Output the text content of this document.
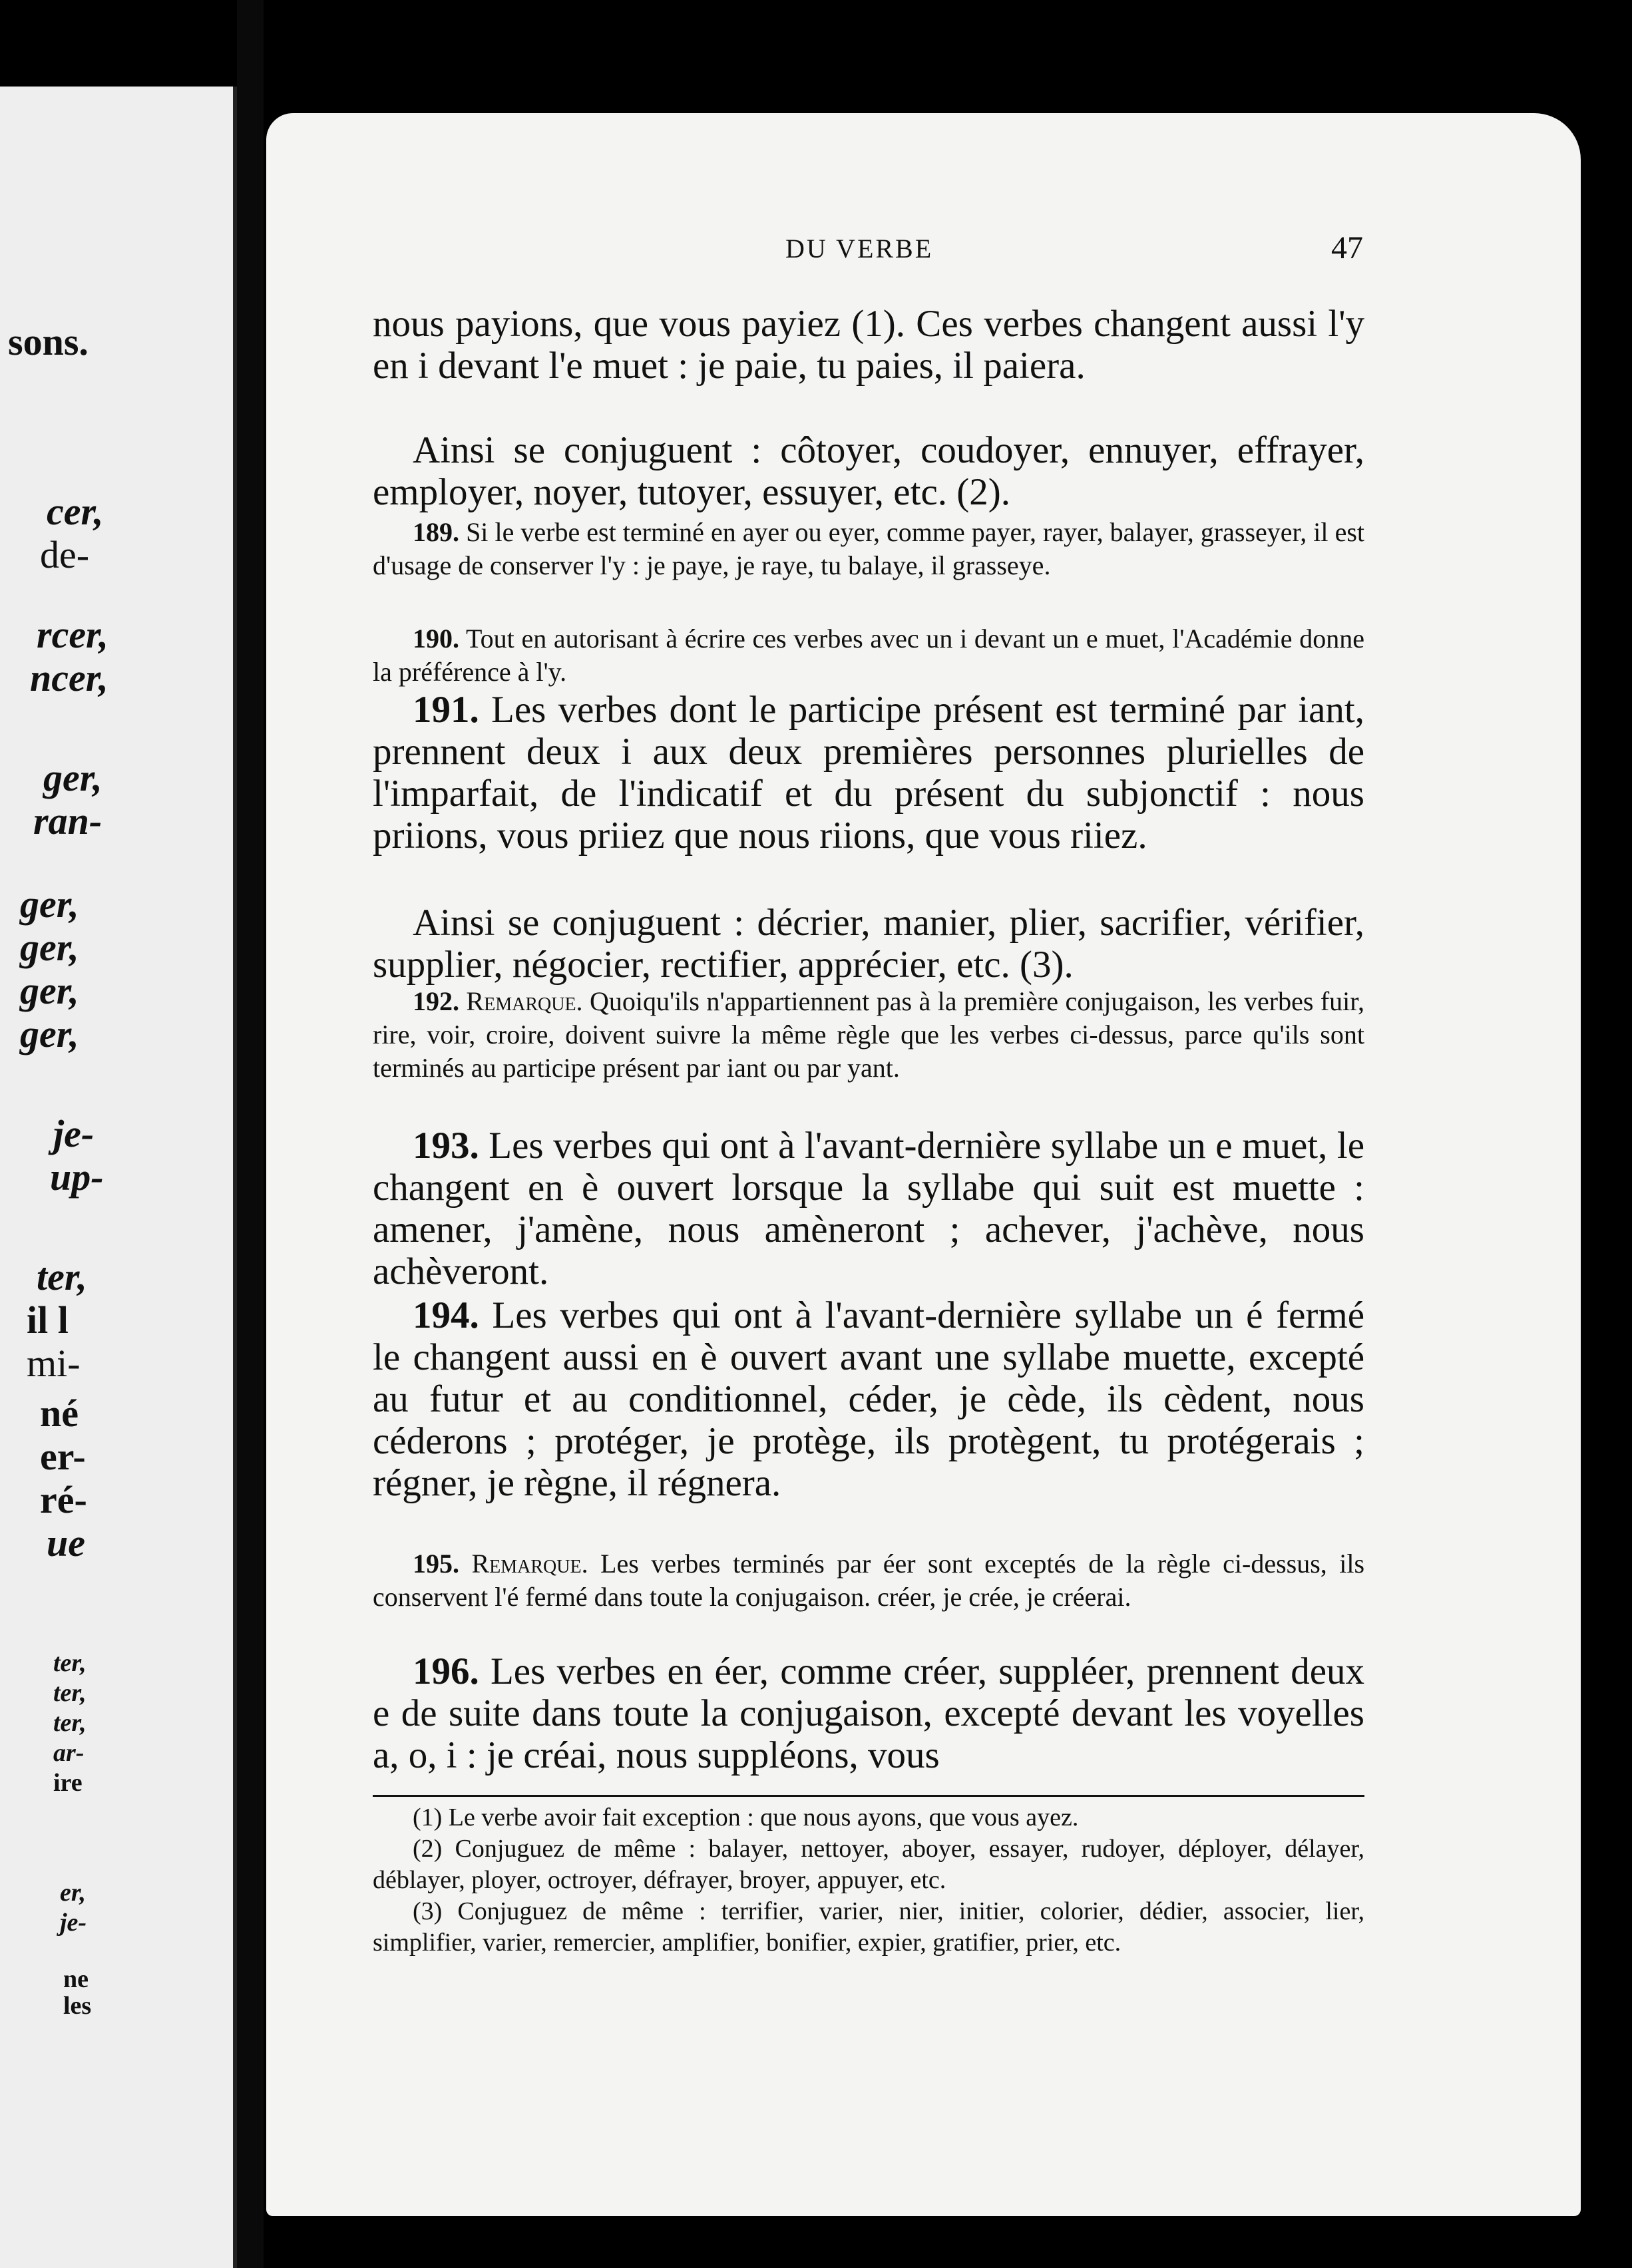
sons.
cer,
de-
rcer,
ncer,
ger,
ran-
ger,
ger,
ger,
ger,
je-
up-
ter,
il l
mi-
né
er-
ré-
ue
ter,
ter,
ter,
ar-
ire
er,
je-
ne
les
DU VERBE	47

nous payions, que vous payiez (1). Ces verbes changent aussi l'y en i devant l'e muet : je paie, tu paies, il paiera.

Ainsi se conjuguent : côtoyer, coudoyer, ennuyer, effrayer, employer, noyer, tutoyer, essuyer, etc. (2).

189. Si le verbe est terminé en ayer ou eyer, comme payer, rayer, balayer, grasseyer, il est d'usage de conserver l'y : je paye, je raye, tu balaye, il grasseye.

190. Tout en autorisant à écrire ces verbes avec un i devant un e muet, l'Académie donne la préférence à l'y.

191. Les verbes dont le participe présent est terminé par iant, prennent deux i aux deux premières personnes plurielles de l'imparfait, de l'indicatif et du présent du subjonctif : nous priions, vous priiez que nous riions, que vous riiez.

Ainsi se conjuguent : décrier, manier, plier, sacrifier, vérifier, supplier, négocier, rectifier, apprécier, etc. (3).

192. Remarque. Quoiqu'ils n'appartiennent pas à la première conjugaison, les verbes fuir, rire, voir, croire, doivent suivre la même règle que les verbes ci-dessus, parce qu'ils sont terminés au participe présent par iant ou par yant.

193. Les verbes qui ont à l'avant-dernière syllabe un e muet, le changent en è ouvert lorsque la syllabe qui suit est muette : amener, j'amène, nous amèneront ; achever, j'achève, nous achèveront.

194. Les verbes qui ont à l'avant-dernière syllabe un é fermé le changent aussi en è ouvert avant une syllabe muette, excepté au futur et au conditionnel, céder, je cède, ils cèdent, nous céderons ; protéger, je protège, ils protègent, tu protégerais ; régner, je règne, il régnera.

195. Remarque. Les verbes terminés par éer sont exceptés de la règle ci-dessus, ils conservent l'é fermé dans toute la conjugaison. créer, je crée, je créerai.

196. Les verbes en éer, comme créer, suppléer, prennent deux e de suite dans toute la conjugaison, excepté devant les voyelles a, o, i : je créai, nous suppléons, vous

(1) Le verbe avoir fait exception : que nous ayons, que vous ayez.

(2) Conjuguez de même : balayer, nettoyer, aboyer, essayer, rudoyer, déployer, délayer, déblayer, ployer, octroyer, défrayer, broyer, appuyer, etc.

(3) Conjuguez de même : terrifier, varier, nier, initier, colorier, dédier, associer, lier, simplifier, varier, remercier, amplifier, bonifier, expier, gratifier, prier, etc.
